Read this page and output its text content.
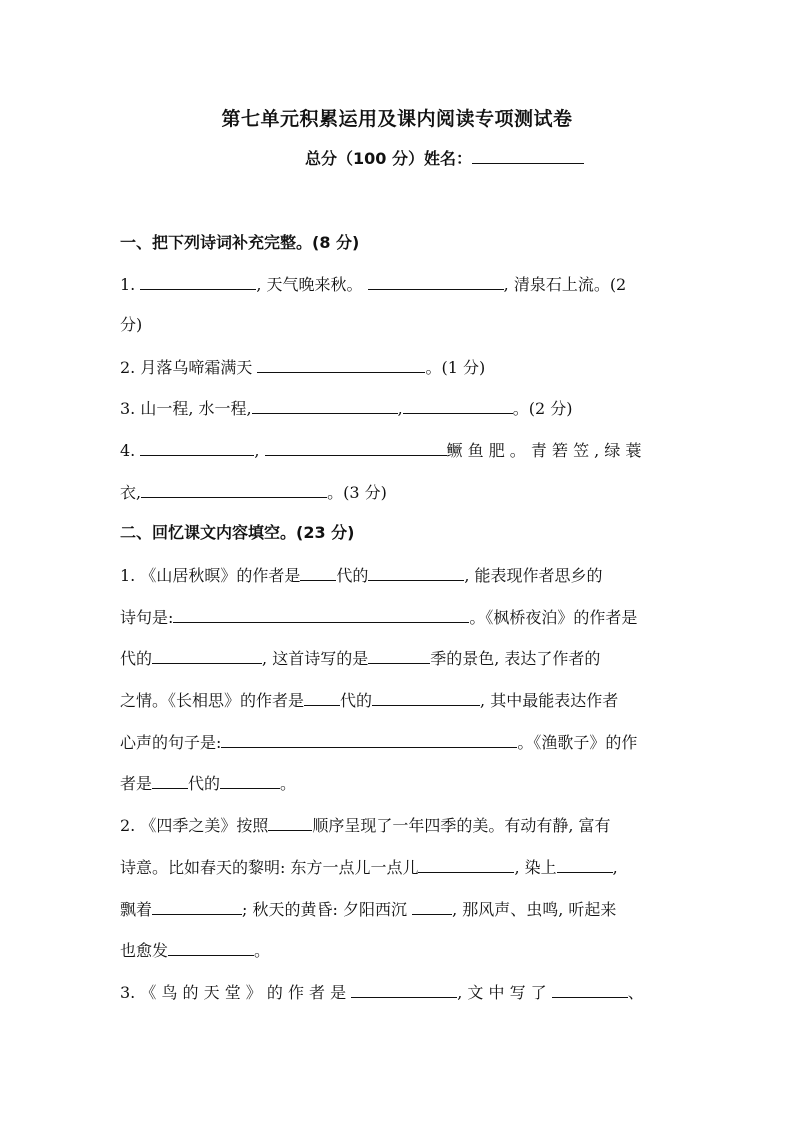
第七单元积累运用及课内阅读专项测试卷
总分（100 分）姓名：
一、把下列诗词补充完整。(8 分)
1.	, 天气晚来秋。	, 清泉石上流。(2
分)
2. 月落乌啼霜满天	。(1 分)
3. 山一程, 水一程,	,	。(2 分)
4.	,	鳜 鱼 肥 。 青 箬 笠 , 绿 蓑
衣,	。(3 分)
二、回忆课文内容填空。(23 分)
1. 《山居秋暝》的作者是 代的	, 能表现作者思乡的
诗句是:	。《枫桥夜泊》的作者是
代的	, 这首诗写的是	季的景色, 表达了作者的
之情。《长相思》的作者是 代的	, 其中最能表达作者
心声的句子是:	。《渔歌子》的作
者是 代的	。
2. 《四季之美》按照	顺序呈现了一年四季的美。有动有静, 富有
诗意。比如春天的黎明: 东方一点儿一点儿	, 染上	,
飘着	; 秋天的黄昏: 夕阳西沉	, 那风声、虫鸣, 听起来
也愈发	。
3. 《 鸟 的 天 堂 》 的 作 者 是	, 文 中 写 了	、
